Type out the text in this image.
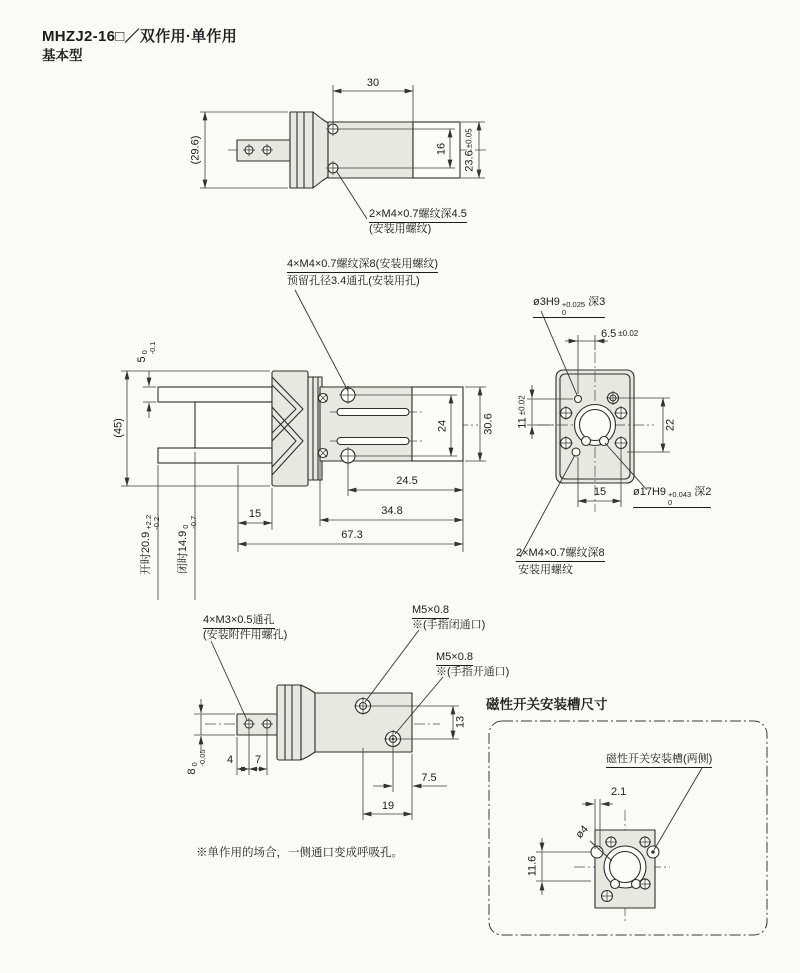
MHZJ2-16□／双作用·单作用
基本型
30
23.6±0.05
16
(29.6)
2×M4×0.7螺纹深4.5
(安装用螺纹)
4×M4×0.7螺纹深8(安装用螺纹)
预留孔径3.4通孔(安装用孔)
5
0
-0.1
(45)
开时20.9
+2.2
-0.2
闭时14.9
0
-0.7
15
24	30.6
24.5
34.8
67.3
ø3H9 +0.025
0
深3
6.5 ±0.02
22
11±0.02
15 ø17H9 +0.043
0
深2
2×M4×0.7螺纹深8
安装用螺纹
4×M3×0.5通孔
(安装附件用螺孔)
M5×0.8
※(手指闭通口)
M5×0.8
※(手指开通口)
13
8
0
-0.05 4 7
7.5
19
※单作用的场合，一侧通口变成呼吸孔。
磁性开关安装槽尺寸
磁性开关安装槽(两侧)
2.1
11.6
ø4
